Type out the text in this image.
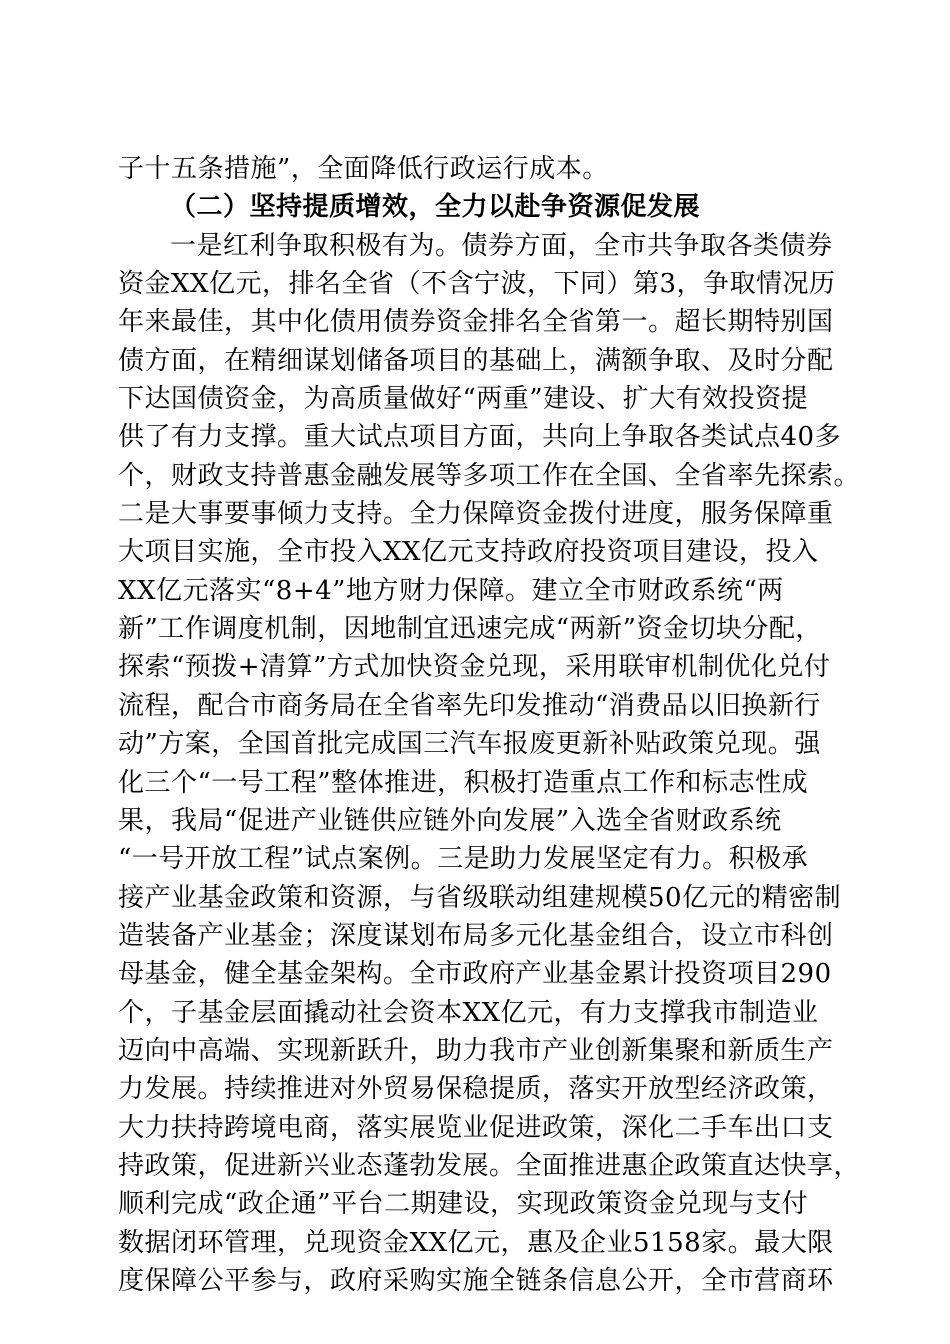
子十五条措施”，全面降低行政运行成本。
（二）坚持提质增效，全力以赴争资源促发展
一是红利争取积极有为。债券方面，全市共争取各类债券
资金XX亿元，排名全省（不含宁波，下同）第3，争取情况历
年来最佳，其中化债用债券资金排名全省第一。超长期特别国
债方面，在精细谋划储备项目的基础上，满额争取、及时分配
下达国债资金，为高质量做好“两重”建设、扩大有效投资提
供了有力支撑。重大试点项目方面，共向上争取各类试点40多
个，财政支持普惠金融发展等多项工作在全国、全省率先探索。
二是大事要事倾力支持。全力保障资金拨付进度，服务保障重
大项目实施，全市投入XX亿元支持政府投资项目建设，投入
XX亿元落实“8+4”地方财力保障。建立全市财政系统“两
新”工作调度机制，因地制宜迅速完成“两新”资金切块分配，
探索“预拨+清算”方式加快资金兑现，采用联审机制优化兑付
流程，配合市商务局在全省率先印发推动“消费品以旧换新行
动”方案，全国首批完成国三汽车报废更新补贴政策兑现。强
化三个“一号工程”整体推进，积极打造重点工作和标志性成
果，我局“促进产业链供应链外向发展”入选全省财政系统
“一号开放工程”试点案例。三是助力发展坚定有力。积极承
接产业基金政策和资源，与省级联动组建规模50亿元的精密制
造装备产业基金；深度谋划布局多元化基金组合，设立市科创
母基金，健全基金架构。全市政府产业基金累计投资项目290
个，子基金层面撬动社会资本XX亿元，有力支撑我市制造业
迈向中高端、实现新跃升，助力我市产业创新集聚和新质生产
力发展。持续推进对外贸易保稳提质，落实开放型经济政策，
大力扶持跨境电商，落实展览业促进政策，深化二手车出口支
持政策，促进新兴业态蓬勃发展。全面推进惠企政策直达快享，
顺利完成“政企通”平台二期建设，实现政策资金兑现与支付
数据闭环管理，兑现资金XX亿元，惠及企业5158家。最大限
度保障公平参与，政府采购实施全链条信息公开，全市营商环
